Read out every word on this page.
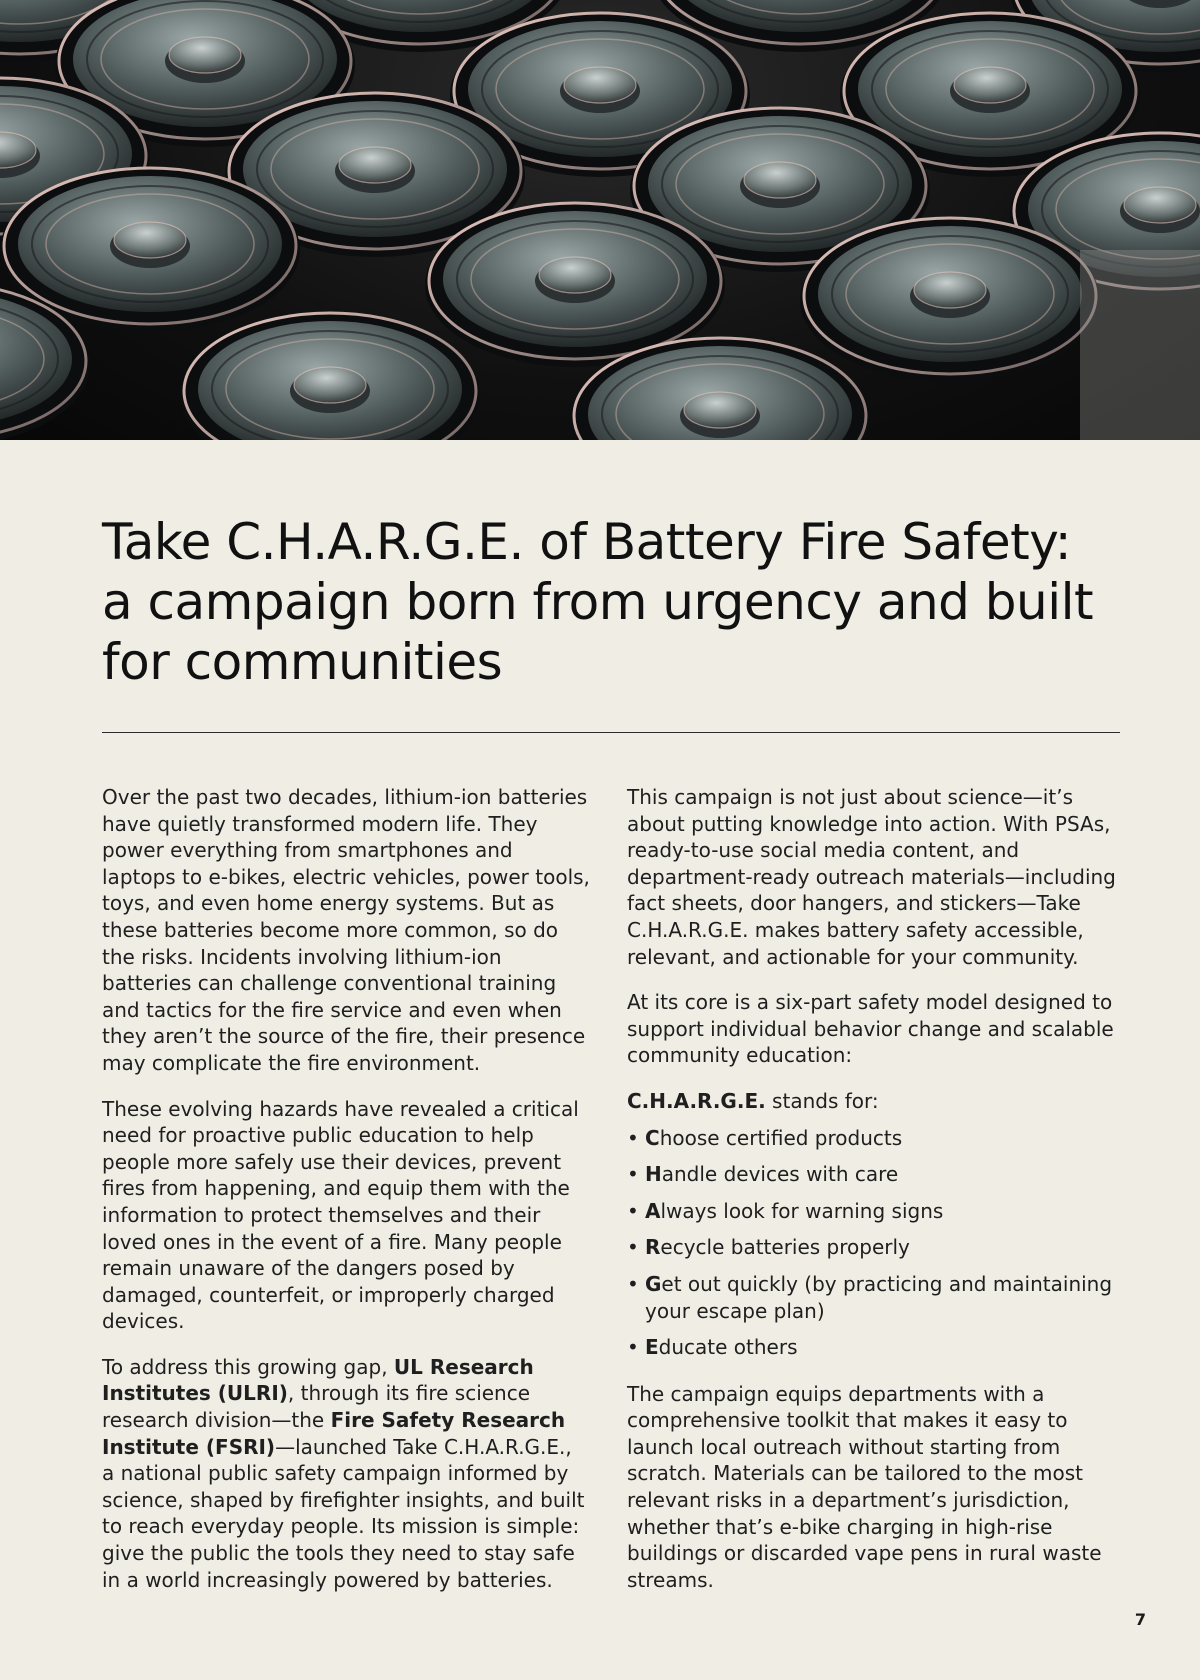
Take C.H.A.R.G.E. of Battery Fire Safety: a campaign born from urgency and built for communities

Over the past two decades, lithium-ion batteries have quietly transformed modern life. They power everything from smartphones and laptops to e-bikes, electric vehicles, power tools, toys, and even home energy systems. But as these batteries become more common, so do the risks. Incidents involving lithium-ion batteries can challenge conventional training and tactics for the fire service and even when they aren’t the source of the fire, their presence may complicate the fire environment.

These evolving hazards have revealed a critical need for proactive public education to help people more safely use their devices, prevent fires from happening, and equip them with the information to protect themselves and their loved ones in the event of a fire. Many people remain unaware of the dangers posed by damaged, counterfeit, or improperly charged devices.

To address this growing gap, UL Research Institutes (ULRI), through its fire science research division—the Fire Safety Research Institute (FSRI)—launched Take C.H.A.R.G.E., a national public safety campaign informed by science, shaped by firefighter insights, and built to reach everyday people. Its mission is simple: give the public the tools they need to stay safe in a world increasingly powered by batteries.

This campaign is not just about science—it’s about putting knowledge into action. With PSAs, ready-to-use social media content, and department-ready outreach materials—including fact sheets, door hangers, and stickers—Take C.H.A.R.G.E. makes battery safety accessible, relevant, and actionable for your community.

At its core is a six-part safety model designed to support individual behavior change and scalable community education:

C.H.A.R.G.E. stands for:

• Choose certified products
• Handle devices with care
• Always look for warning signs
• Recycle batteries properly
• Get out quickly (by practicing and maintaining your escape plan)
• Educate others

The campaign equips departments with a comprehensive toolkit that makes it easy to launch local outreach without starting from scratch. Materials can be tailored to the most relevant risks in a department’s jurisdiction, whether that’s e-bike charging in high-rise buildings or discarded vape pens in rural waste streams.

7
